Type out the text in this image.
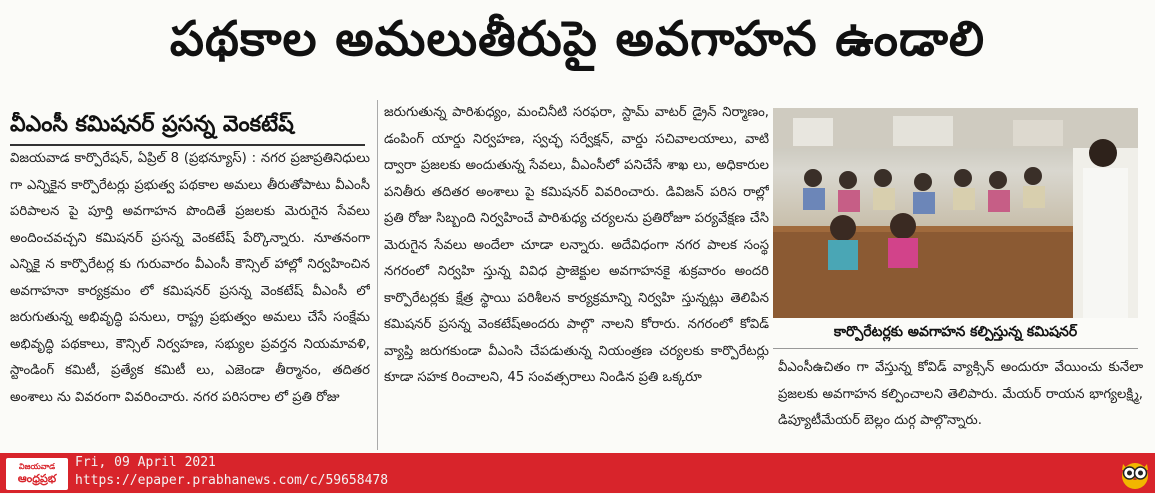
పథకాల అమలుతీరుపై అవగాహన ఉండాలి
వీఎంసీ కమిషనర్ ప్రసన్న వెంకటేష్
విజయవాడ కార్పొరేషన్, ఏప్రిల్ 8 (ప్రభన్యూస్) : నగర ప్రజాప్రతినిధులు గా ఎన్నికైన కార్పొరేటర్లు ప్రభుత్వ పథకాల అమలు తీరుతోపాటు వీఎంసీ పరిపాలన పై పూర్తి అవగాహన పొందితే ప్రజలకు మెరుగైన సేవలు అందించవచ్చని కమిషనర్ ప్రసన్న వెంకటేష్ పేర్కొన్నారు. నూతనంగా ఎన్నికై న కార్పొరేటర్ల కు గురువారం వీఎంసీ కౌన్సిల్ హాల్లో నిర్వహించిన అవగాహనా కార్యక్రమం లో కమిషనర్ ప్రసన్న వెంకటేష్ వీఎంసీ లో జరుగుతున్న అభివృద్ధి పనులు, రాష్ట్ర ప్రభుత్వం అమలు చేసే సంక్షేమ అభివృద్ధి పథకాలు, కౌన్సిల్ నిర్వహణ, సభ్యుల ప్రవర్తన నియమావళి, స్టాండింగ్ కమిటీ, ప్రత్యేక కమిటీ లు, ఎజెండా తీర్మానం, తదితర అంశాలు ను వివరంగా వివరించారు. నగర పరిసరాల లో ప్రతి రోజు
జరుగుతున్న పారిశుధ్యం, మంచినీటి సరఫరా, స్టామ్ వాటర్ డ్రైన్ నిర్మాణం, డంపింగ్ యార్డు నిర్వహణ, స్వచ్ఛ సర్వేక్షన్, వార్డు సచివాలయాలు, వాటి ద్వారా ప్రజలకు అందుతున్న సేవలు, వీఎంసీలో పనిచేసే శాఖ లు, అధికారుల పనితీరు తదితర అంశాలు పై కమిషనర్ వివరించారు. డివిజన్ పరిస రాల్లో ప్రతి రోజు సిబ్బంది నిర్వహించే పారిశుధ్య చర్యలను ప్రతిరోజూ పర్యవేక్షణ చేసి మెరుగైన సేవలు అందేలా చూడా లన్నారు. అదేవిధంగా నగర పాలక సంస్థ నగరంలో నిర్వహి స్తున్న వివిధ ప్రాజెక్టుల అవగాహనకై శుక్రవారం అందరి కార్పొరేటర్లకు క్షేత్ర స్థాయి పరిశీలన కార్యక్రమాన్ని నిర్వహి స్తున్నట్లు తెలిపిన కమిషనర్ ప్రసన్న వెంకటేష్అందరు పాల్గొ నాలని కోరారు. నగరంలో కోవిడ్ వ్యాప్తి జరుగకుండా వీఎంసి చేపడుతున్న నియంత్రణ చర్యలకు కార్పొరేటర్లు కూడా సహక రించాలని, 45 సంవత్సరాలు నిండిన ప్రతి ఒక్కరూ
కార్పొరేటర్లకు అవగాహన కల్పిస్తున్న కమిషనర్
వీఎంసీఉచితం గా వేస్తున్న కోవిడ్ వ్యాక్సిన్ అందురూ వేయించు కునేలా ప్రజలకు అవగాహన కల్పించాలని తెలిపారు. మేయర్ రాయన భాగ్యలక్ష్మి, డిప్యూటీమేయర్ బెల్లం దుర్గ పాల్గొన్నారు.
విజయవాడ
ఆంధ్రప్రభ
Fri, 09 April 2021
https://epaper.prabhanews.com/c/59658478
